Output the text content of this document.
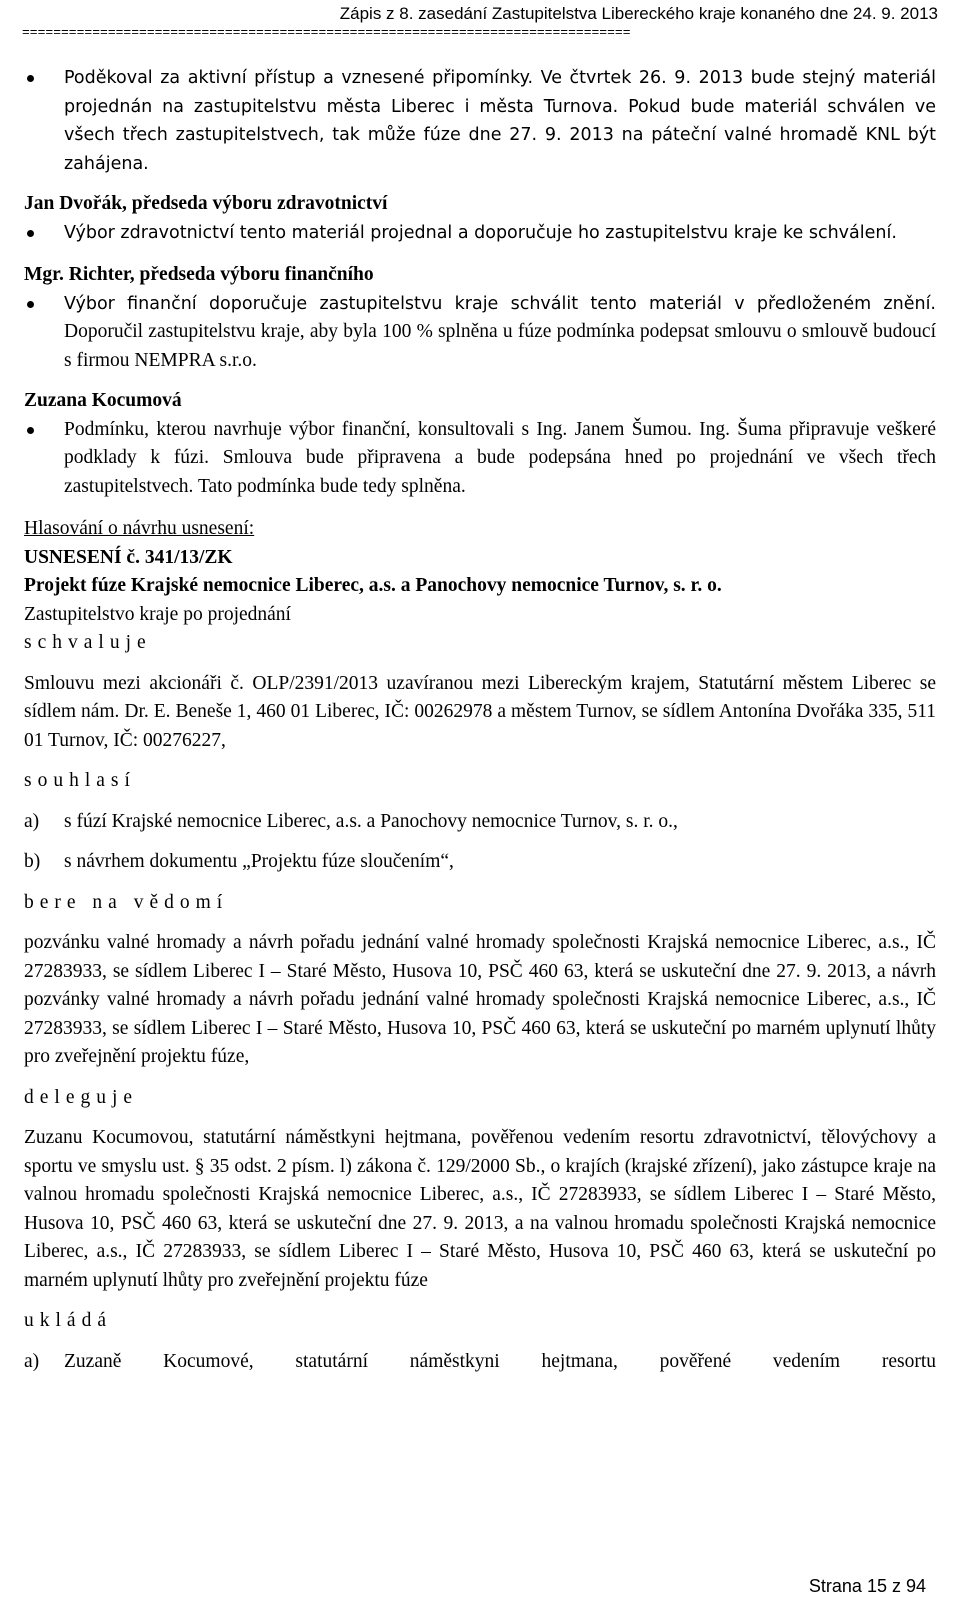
Zápis z 8. zasedání Zastupitelstva Libereckého kraje konaného dne 24. 9. 2013
==============================================================================
Poděkoval za aktivní přístup a vznesené připomínky. Ve čtvrtek 26. 9. 2013 bude stejný materiál projednán na zastupitelstvu města Liberec i města Turnova. Pokud bude materiál schválen ve všech třech zastupitelstvech, tak může fúze dne 27. 9. 2013 na páteční valné hromadě KNL být zahájena.

Jan Dvořák, předseda výboru zdravotnictví

Výbor zdravotnictví tento materiál projednal a doporučuje ho zastupitelstvu kraje ke schválení.

Mgr. Richter, předseda výboru finančního

Výbor finanční doporučuje zastupitelstvu kraje schválit tento materiál v předloženém znění. Doporučil zastupitelstvu kraje, aby byla 100 % splněna u fúze podmínka podepsat smlouvu o smlouvě budoucí s firmou NEMPRA s.r.o.

Zuzana Kocumová

Podmínku, kterou navrhuje výbor finanční, konsultovali s Ing. Janem Šumou. Ing. Šuma připravuje veškeré podklady k fúzi. Smlouva bude připravena a bude podepsána hned po projednání ve všech třech zastupitelstvech. Tato podmínka bude tedy splněna.

Hlasování o návrhu usnesení:

USNESENÍ č. 341/13/ZK

Projekt fúze Krajské nemocnice Liberec, a.s. a Panochovy nemocnice Turnov, s. r. o.

Zastupitelstvo kraje po projednání

schvaluje

Smlouvu mezi akcionáři č. OLP/2391/2013 uzavíranou mezi Libereckým krajem, Statutární městem Liberec se sídlem nám. Dr. E. Beneše 1, 460 01 Liberec, IČ: 00262978 a městem Turnov, se sídlem Antonína Dvořáka 335, 511 01 Turnov, IČ: 00276227,

souhlasí

a) s fúzí Krajské nemocnice Liberec, a.s. a Panochovy nemocnice Turnov, s. r. o.,
b) s návrhem dokumentu „Projektu fúze sloučením“,

bere na vědomí

pozvánku valné hromady a návrh pořadu jednání valné hromady společnosti Krajská nemocnice Liberec, a.s., IČ 27283933, se sídlem Liberec I – Staré Město, Husova 10, PSČ 460 63, která se uskuteční dne 27. 9. 2013, a návrh pozvánky valné hromady a návrh pořadu jednání valné hromady společnosti Krajská nemocnice Liberec, a.s., IČ 27283933, se sídlem Liberec I – Staré Město, Husova 10, PSČ 460 63, která se uskuteční po marném uplynutí lhůty pro zveřejnění projektu fúze,

deleguje

Zuzanu Kocumovou, statutární náměstkyni hejtmana, pověřenou vedením resortu zdravotnictví, tělovýchovy a sportu ve smyslu ust. § 35 odst. 2 písm. l) zákona č. 129/2000 Sb., o krajích (krajské zřízení), jako zástupce kraje na valnou hromadu společnosti Krajská nemocnice Liberec, a.s., IČ 27283933, se sídlem Liberec I – Staré Město, Husova 10, PSČ 460 63, která se uskuteční dne 27. 9. 2013, a na valnou hromadu společnosti Krajská nemocnice Liberec, a.s., IČ 27283933, se sídlem Liberec I – Staré Město, Husova 10, PSČ 460 63, která se uskuteční po marném uplynutí lhůty pro zveřejnění projektu fúze

ukládá

a) Zuzaně Kocumové, statutární náměstkyni hejtmana, pověřené vedením resortu
Strana 15 z 94
